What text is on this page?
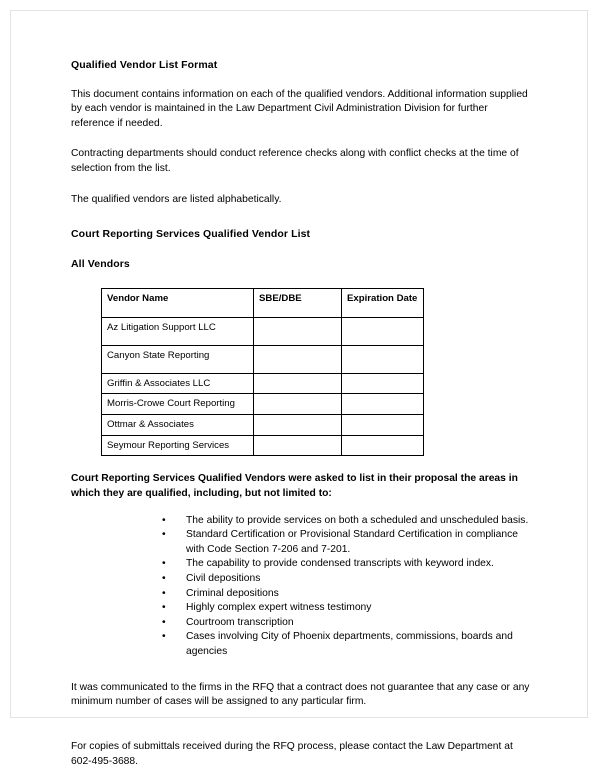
Qualified Vendor List Format

This document contains information on each of the qualified vendors. Additional information supplied by each vendor is maintained in the Law Department Civil Administration Division for further reference if needed.

Contracting departments should conduct reference checks along with conflict checks at the time of selection from the list.

The qualified vendors are listed alphabetically.

Court Reporting Services Qualified Vendor List
All Vendors
Vendor Name	SBE/DBE	Expiration Date
Az Litigation Support LLC		
Canyon State Reporting		
Griffin & Associates LLC		
Morris-Crowe Court Reporting		
Ottmar & Associates		
Seymour Reporting Services		

Court Reporting Services Qualified Vendors were asked to list in their proposal the areas in which they are qualified, including, but not limited to:

• The ability to provide services on both a scheduled and unscheduled basis.
• Standard Certification or Provisional Standard Certification in compliance with Code Section 7-206 and 7-201.
• The capability to provide condensed transcripts with keyword index.
• Civil depositions
• Criminal depositions
• Highly complex expert witness testimony
• Courtroom transcription
• Cases involving City of Phoenix departments, commissions, boards and agencies

It was communicated to the firms in the RFQ that a contract does not guarantee that any case or any minimum number of cases will be assigned to any particular firm.

For copies of submittals received during the RFQ process, please contact the Law Department at 602-495-3688.
